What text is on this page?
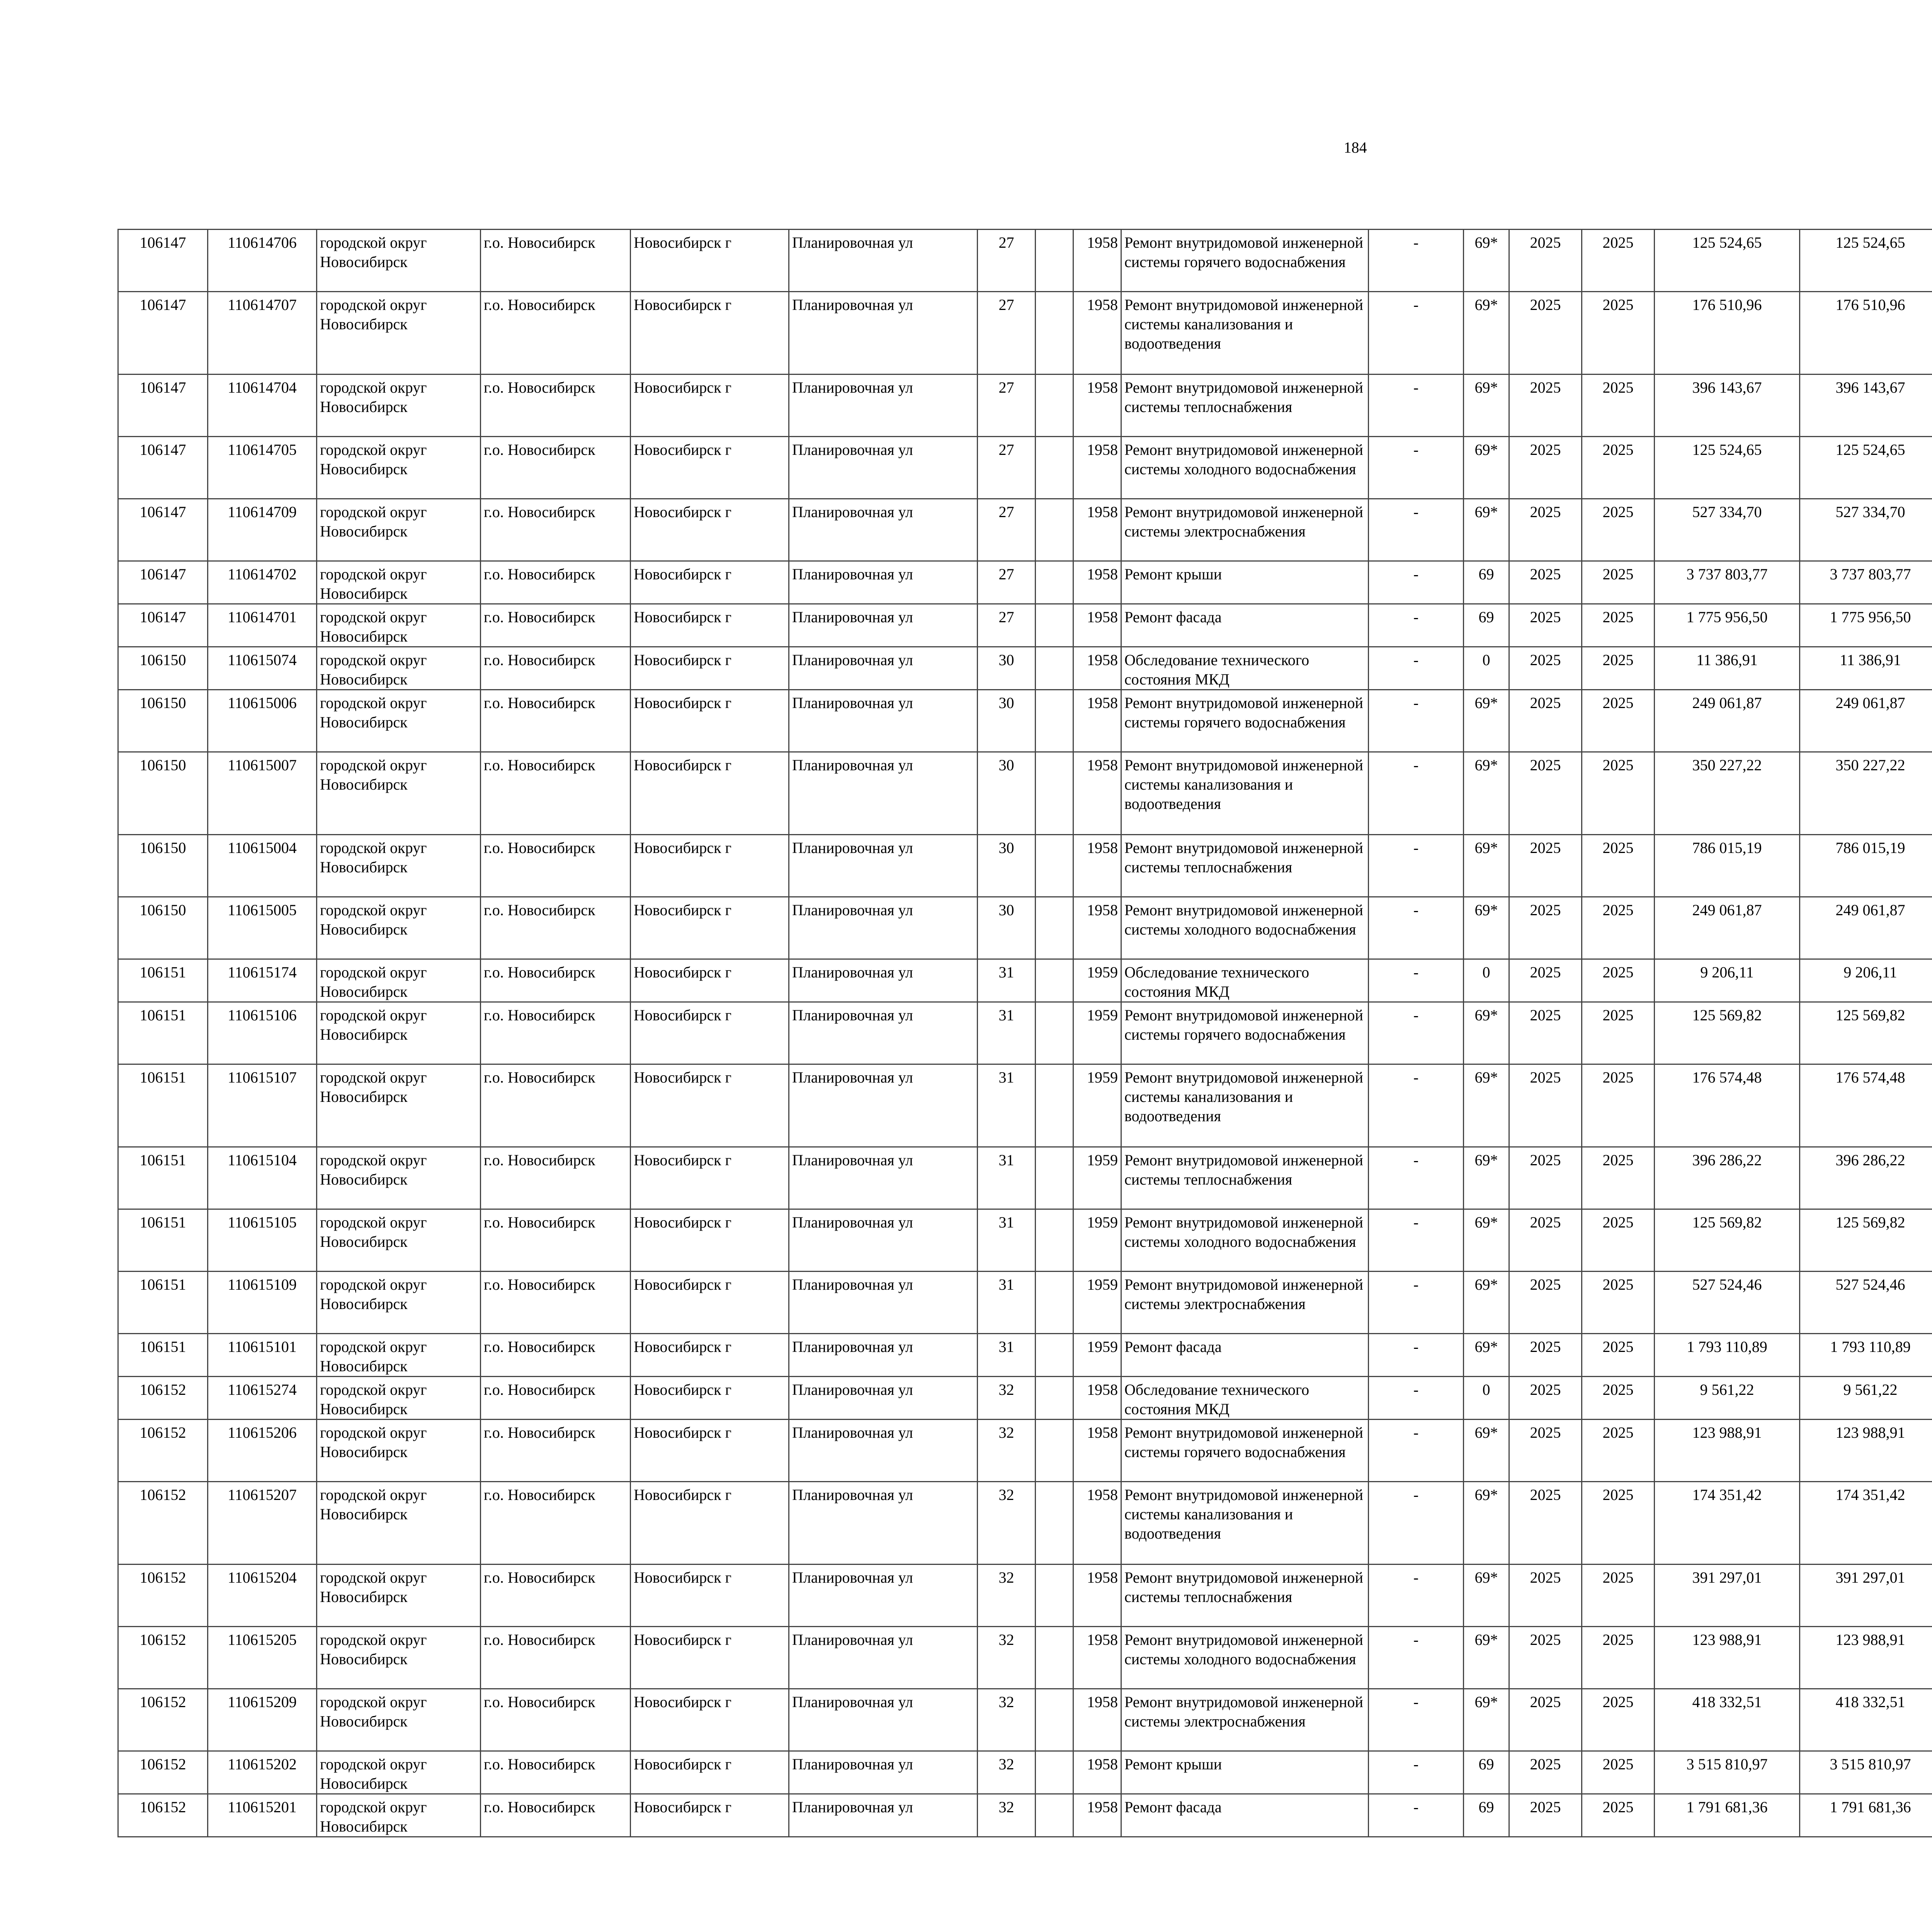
184
106147	110614706	городской округ Новосибирск	г.о. Новосибирск	Новосибирск г	Планировочная ул	27		1958	Ремонт внутридомовой инженерной системы горячего водоснабжения	-	69*	2025	2025	125 524,65	125 524,65						
106147	110614707	городской округ Новосибирск	г.о. Новосибирск	Новосибирск г	Планировочная ул	27		1958	Ремонт внутридомовой инженерной системы канализования и водоотведения	-	69*	2025	2025	176 510,96	176 510,96						
106147	110614704	городской округ Новосибирск	г.о. Новосибирск	Новосибирск г	Планировочная ул	27		1958	Ремонт внутридомовой инженерной системы теплоснабжения	-	69*	2025	2025	396 143,67	396 143,67						
106147	110614705	городской округ Новосибирск	г.о. Новосибирск	Новосибирск г	Планировочная ул	27		1958	Ремонт внутридомовой инженерной системы холодного водоснабжения	-	69*	2025	2025	125 524,65	125 524,65						
106147	110614709	городской округ Новосибирск	г.о. Новосибирск	Новосибирск г	Планировочная ул	27		1958	Ремонт внутридомовой инженерной системы электроснабжения	-	69*	2025	2025	527 334,70	527 334,70						
106147	110614702	городской округ Новосибирск	г.о. Новосибирск	Новосибирск г	Планировочная ул	27		1958	Ремонт крыши	-	69	2025	2025	3 737 803,77	3 737 803,77						
106147	110614701	городской округ Новосибирск	г.о. Новосибирск	Новосибирск г	Планировочная ул	27		1958	Ремонт фасада	-	69	2025	2025	1 775 956,50	1 775 956,50						
106150	110615074	городской округ Новосибирск	г.о. Новосибирск	Новосибирск г	Планировочная ул	30		1958	Обследование технического состояния МКД	-	0	2025	2025	11 386,91	11 386,91						
106150	110615006	городской округ Новосибирск	г.о. Новосибирск	Новосибирск г	Планировочная ул	30		1958	Ремонт внутридомовой инженерной системы горячего водоснабжения	-	69*	2025	2025	249 061,87	249 061,87						
106150	110615007	городской округ Новосибирск	г.о. Новосибирск	Новосибирск г	Планировочная ул	30		1958	Ремонт внутридомовой инженерной системы канализования и водоотведения	-	69*	2025	2025	350 227,22	350 227,22						
106150	110615004	городской округ Новосибирск	г.о. Новосибирск	Новосибирск г	Планировочная ул	30		1958	Ремонт внутридомовой инженерной системы теплоснабжения	-	69*	2025	2025	786 015,19	786 015,19						
106150	110615005	городской округ Новосибирск	г.о. Новосибирск	Новосибирск г	Планировочная ул	30		1958	Ремонт внутридомовой инженерной системы холодного водоснабжения	-	69*	2025	2025	249 061,87	249 061,87						
106151	110615174	городской округ Новосибирск	г.о. Новосибирск	Новосибирск г	Планировочная ул	31		1959	Обследование технического состояния МКД	-	0	2025	2025	9 206,11	9 206,11						
106151	110615106	городской округ Новосибирск	г.о. Новосибирск	Новосибирск г	Планировочная ул	31		1959	Ремонт внутридомовой инженерной системы горячего водоснабжения	-	69*	2025	2025	125 569,82	125 569,82						
106151	110615107	городской округ Новосибирск	г.о. Новосибирск	Новосибирск г	Планировочная ул	31		1959	Ремонт внутридомовой инженерной системы канализования и водоотведения	-	69*	2025	2025	176 574,48	176 574,48						
106151	110615104	городской округ Новосибирск	г.о. Новосибирск	Новосибирск г	Планировочная ул	31		1959	Ремонт внутридомовой инженерной системы теплоснабжения	-	69*	2025	2025	396 286,22	396 286,22						
106151	110615105	городской округ Новосибирск	г.о. Новосибирск	Новосибирск г	Планировочная ул	31		1959	Ремонт внутридомовой инженерной системы холодного водоснабжения	-	69*	2025	2025	125 569,82	125 569,82						
106151	110615109	городской округ Новосибирск	г.о. Новосибирск	Новосибирск г	Планировочная ул	31		1959	Ремонт внутридомовой инженерной системы электроснабжения	-	69*	2025	2025	527 524,46	527 524,46						
106151	110615101	городской округ Новосибирск	г.о. Новосибирск	Новосибирск г	Планировочная ул	31		1959	Ремонт фасада	-	69*	2025	2025	1 793 110,89	1 793 110,89						
106152	110615274	городской округ Новосибирск	г.о. Новосибирск	Новосибирск г	Планировочная ул	32		1958	Обследование технического состояния МКД	-	0	2025	2025	9 561,22	9 561,22						
106152	110615206	городской округ Новосибирск	г.о. Новосибирск	Новосибирск г	Планировочная ул	32		1958	Ремонт внутридомовой инженерной системы горячего водоснабжения	-	69*	2025	2025	123 988,91	123 988,91						
106152	110615207	городской округ Новосибирск	г.о. Новосибирск	Новосибирск г	Планировочная ул	32		1958	Ремонт внутридомовой инженерной системы канализования и водоотведения	-	69*	2025	2025	174 351,42	174 351,42						
106152	110615204	городской округ Новосибирск	г.о. Новосибирск	Новосибирск г	Планировочная ул	32		1958	Ремонт внутридомовой инженерной системы теплоснабжения	-	69*	2025	2025	391 297,01	391 297,01						
106152	110615205	городской округ Новосибирск	г.о. Новосибирск	Новосибирск г	Планировочная ул	32		1958	Ремонт внутридомовой инженерной системы холодного водоснабжения	-	69*	2025	2025	123 988,91	123 988,91						
106152	110615209	городской округ Новосибирск	г.о. Новосибирск	Новосибирск г	Планировочная ул	32		1958	Ремонт внутридомовой инженерной системы электроснабжения	-	69*	2025	2025	418 332,51	418 332,51						
106152	110615202	городской округ Новосибирск	г.о. Новосибирск	Новосибирск г	Планировочная ул	32		1958	Ремонт крыши	-	69	2025	2025	3 515 810,97	3 515 810,97						
106152	110615201	городской округ Новосибирск	г.о. Новосибирск	Новосибирск г	Планировочная ул	32		1958	Ремонт фасада	-	69	2025	2025	1 791 681,36	1 791 681,36						
